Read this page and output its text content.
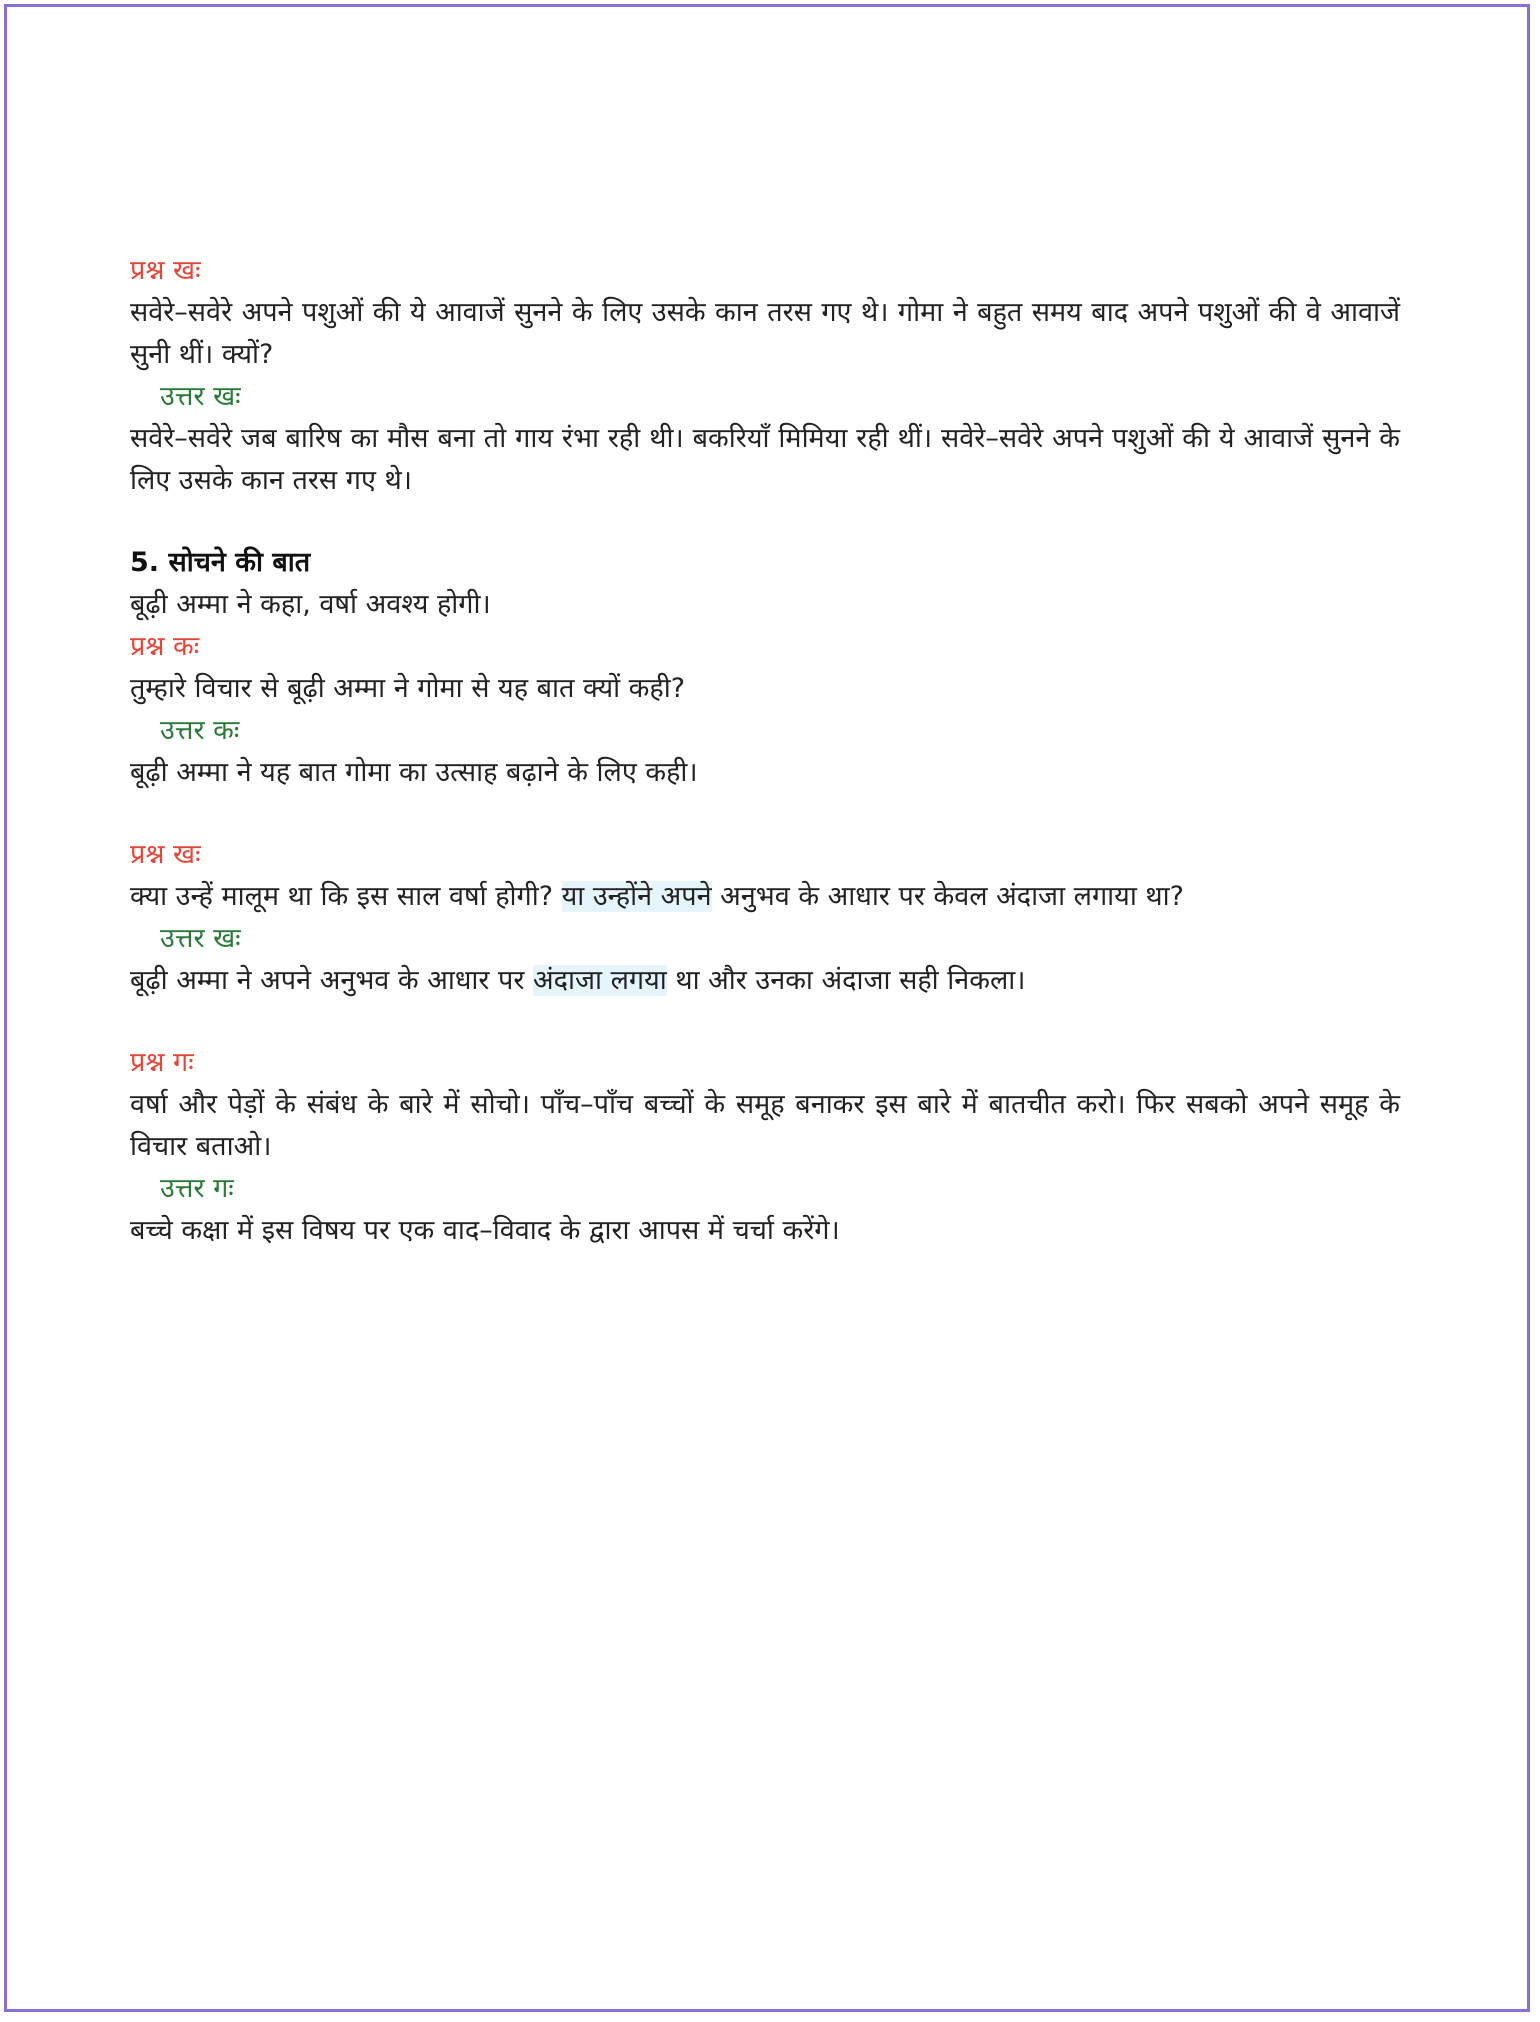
प्रश्न खः
सवेरे–सवेरे अपने पशुओं की ये आवाजें सुनने के लिए उसके कान तरस गए थे। गोमा ने बहुत समय बाद अपने पशुओं की वे आवाजें सुनी थीं। क्यों?
उत्तर खः
सवेरे–सवेरे जब बारिष का मौस बना तो गाय रंभा रही थी। बकरियाँ मिमिया रही थीं। सवेरे–सवेरे अपने पशुओं की ये आवाजें सुनने के लिए उसके कान तरस गए थे।
5. सोचने की बात
बूढ़ी अम्मा ने कहा, वर्षा अवश्य होगी।
प्रश्न कः
तुम्हारे विचार से बूढ़ी अम्मा ने गोमा से यह बात क्यों कही?
उत्तर कः
बूढ़ी अम्मा ने यह बात गोमा का उत्साह बढ़ाने के लिए कही।
प्रश्न खः
क्या उन्हें मालूम था कि इस साल वर्षा होगी? या उन्होंने अपने अनुभव के आधार पर केवल अंदाजा लगाया था?
उत्तर खः
बूढ़ी अम्मा ने अपने अनुभव के आधार पर अंदाजा लगया था और उनका अंदाजा सही निकला।
प्रश्न गः
वर्षा और पेड़ों के संबंध के बारे में सोचो। पाँच–पाँच बच्चों के समूह बनाकर इस बारे में बातचीत करो। फिर सबको अपने समूह के विचार बताओ।
उत्तर गः
बच्चे कक्षा में इस विषय पर एक वाद–विवाद के द्वारा आपस में चर्चा करेंगे।
